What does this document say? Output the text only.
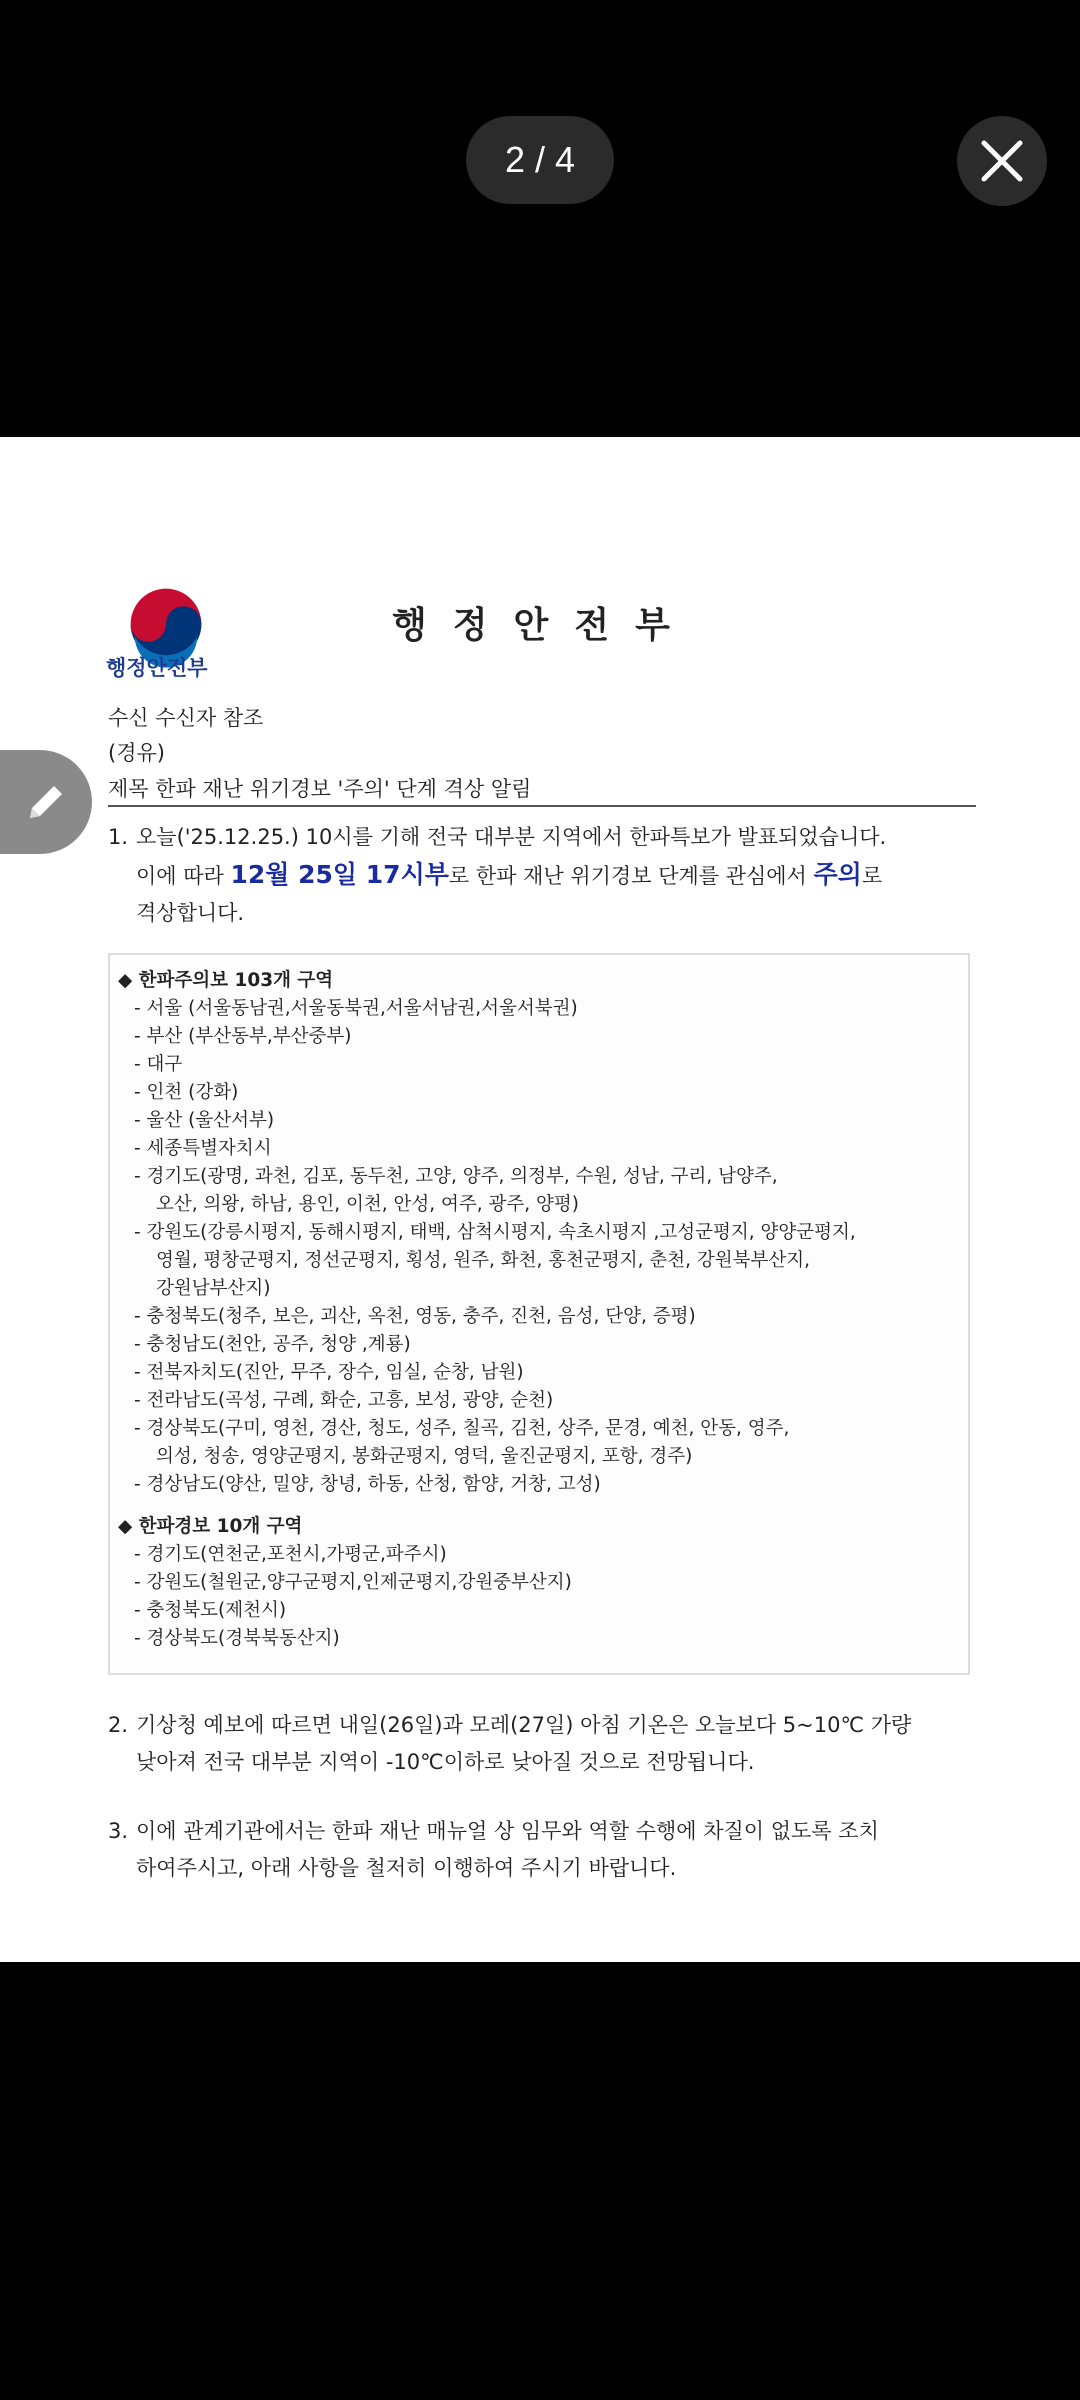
2 / 4
행정안전부
행정안전부
수신 수신자 참조
(경유)
제목 한파 재난 위기경보 '주의' 단계 격상 알림
1. 오늘('25.12.25.) 10시를 기해 전국 대부분 지역에서 한파특보가 발표되었습니다.
이에 따라 12월 25일 17시부로 한파 재난 위기경보 단계를 관심에서 주의로
격상합니다.
◆ 한파주의보 103개 구역
- 서울 (서울동남권,서울동북권,서울서남권,서울서북권)
- 부산 (부산동부,부산중부)
- 대구
- 인천 (강화)
- 울산 (울산서부)
- 세종특별자치시
- 경기도(광명, 과천, 김포, 동두천, 고양, 양주, 의정부, 수원, 성남, 구리, 남양주,
오산, 의왕, 하남, 용인, 이천, 안성, 여주, 광주, 양평)
- 강원도(강릉시평지, 동해시평지, 태백, 삼척시평지, 속초시평지 ,고성군평지, 양양군평지,
영월, 평창군평지, 정선군평지, 횡성, 원주, 화천, 홍천군평지, 춘천, 강원북부산지,
강원남부산지)
- 충청북도(청주, 보은, 괴산, 옥천, 영동, 충주, 진천, 음성, 단양, 증평)
- 충청남도(천안, 공주, 청양 ,계룡)
- 전북자치도(진안, 무주, 장수, 임실, 순창, 남원)
- 전라남도(곡성, 구례, 화순, 고흥, 보성, 광양, 순천)
- 경상북도(구미, 영천, 경산, 청도, 성주, 칠곡, 김천, 상주, 문경, 예천, 안동, 영주,
의성, 청송, 영양군평지, 봉화군평지, 영덕, 울진군평지, 포항, 경주)
- 경상남도(양산, 밀양, 창녕, 하동, 산청, 함양, 거창, 고성)
◆ 한파경보 10개 구역
- 경기도(연천군,포천시,가평군,파주시)
- 강원도(철원군,양구군평지,인제군평지,강원중부산지)
- 충청북도(제천시)
- 경상북도(경북북동산지)
2. 기상청 예보에 따르면 내일(26일)과 모레(27일) 아침 기온은 오늘보다 5~10℃ 가량
낮아져 전국 대부분 지역이 -10℃이하로 낮아질 것으로 전망됩니다.
3. 이에 관계기관에서는 한파 재난 매뉴얼 상 임무와 역할 수행에 차질이 없도록 조치
하여주시고, 아래 사항을 철저히 이행하여 주시기 바랍니다.
